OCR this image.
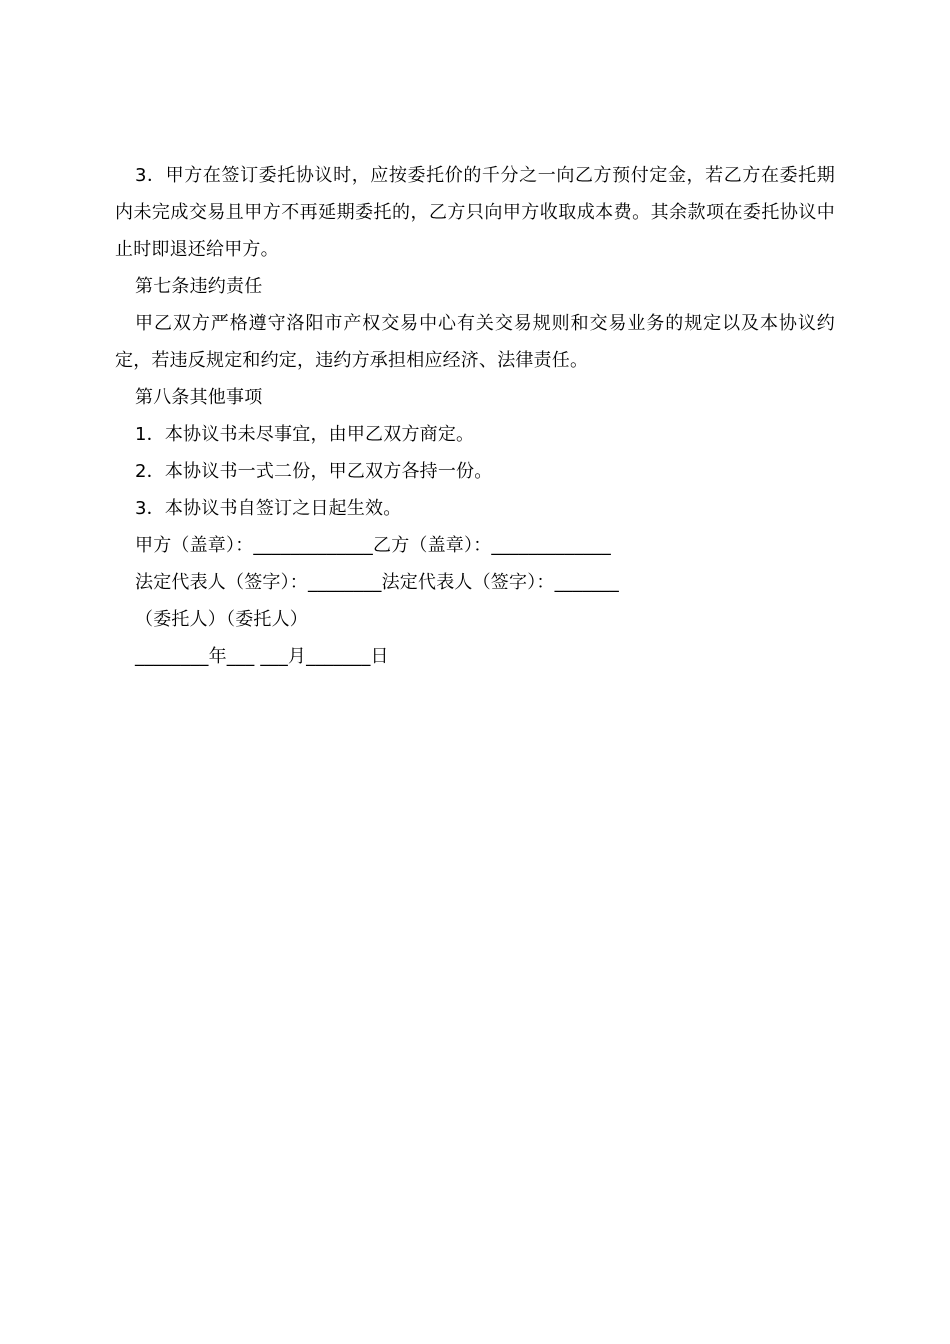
3．甲方在签订委托协议时，应按委托价的千分之一向乙方预付定金，若乙方在委托期内未完成交易且甲方不再延期委托的，乙方只向甲方收取成本费。其余款项在委托协议中止时即退还给甲方。

第七条违约责任

甲乙双方严格遵守洛阳市产权交易中心有关交易规则和交易业务的规定以及本协议约定，若违反规定和约定，违约方承担相应经济、法律责任。

第八条其他事项

1．本协议书未尽事宜，由甲乙双方商定。

2．本协议书一式二份，甲乙双方各持一份。

3．本协议书自签订之日起生效。

甲方（盖章）：_____________乙方（盖章）：_____________

法定代表人（签字）：________法定代表人（签字）：_______

（委托人）（委托人）

________年___ ___月_______日
